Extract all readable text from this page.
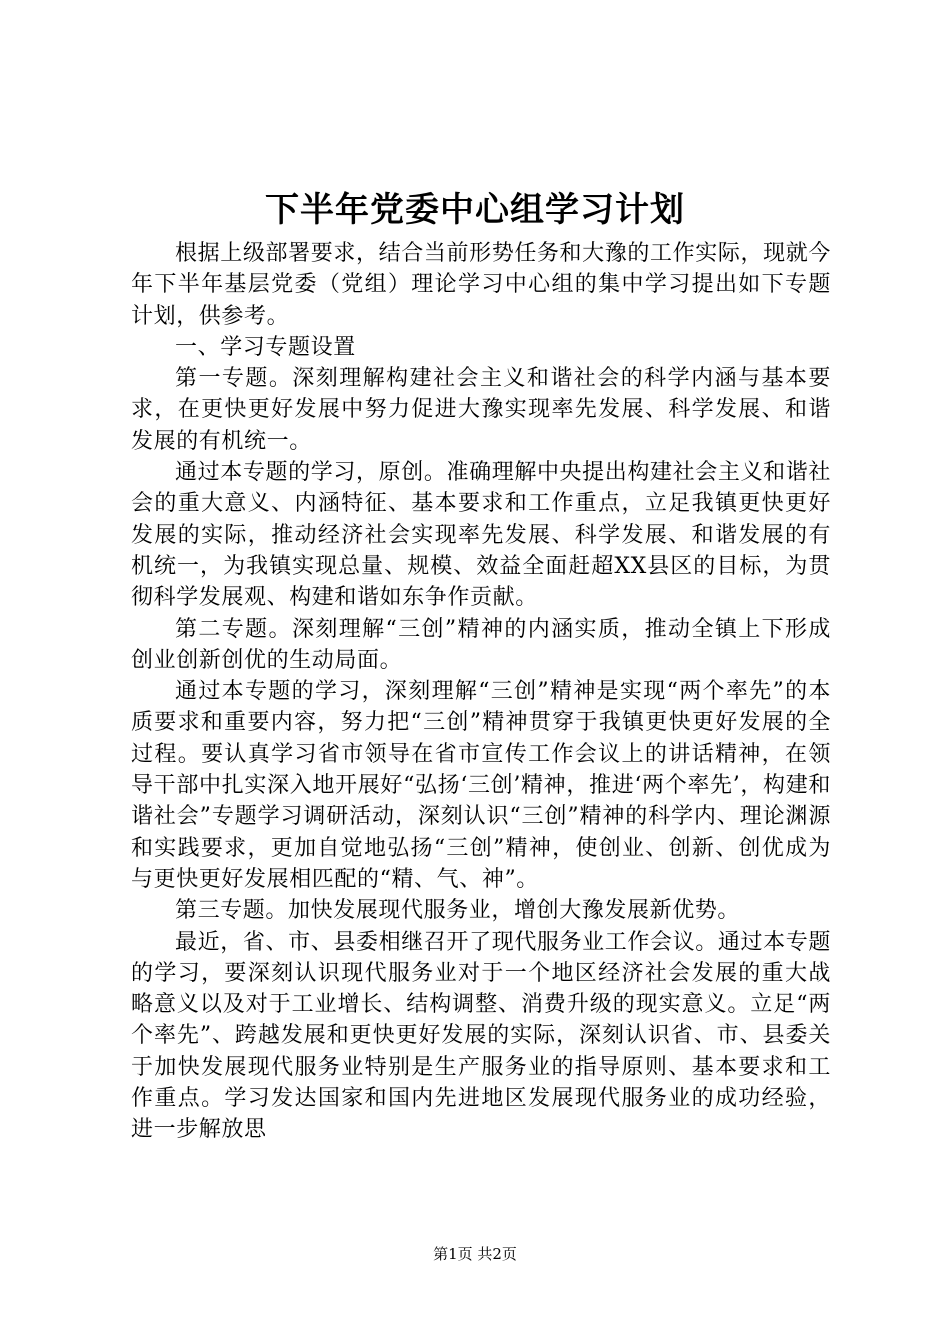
下半年党委中心组学习计划

根据上级部署要求，结合当前形势任务和大豫的工作实际，现就今年下半年基层党委（党组）理论学习中心组的集中学习提出如下专题计划，供参考。

一、学习专题设置

第一专题。深刻理解构建社会主义和谐社会的科学内涵与基本要求，在更快更好发展中努力促进大豫实现率先发展、科学发展、和谐发展的有机统一。

通过本专题的学习，原创。准确理解中央提出构建社会主义和谐社会的重大意义、内涵特征、基本要求和工作重点，立足我镇更快更好发展的实际，推动经济社会实现率先发展、科学发展、和谐发展的有机统一，为我镇实现总量、规模、效益全面赶超XX县区的目标，为贯彻科学发展观、构建和谐如东争作贡献。

第二专题。深刻理解“三创”精神的内涵实质，推动全镇上下形成创业创新创优的生动局面。

通过本专题的学习，深刻理解“三创”精神是实现“两个率先”的本质要求和重要内容，努力把“三创”精神贯穿于我镇更快更好发展的全过程。要认真学习省市领导在省市宣传工作会议上的讲话精神，在领导干部中扎实深入地开展好“弘扬‘三创’精神，推进‘两个率先’，构建和谐社会”专题学习调研活动，深刻认识“三创”精神的科学内、理论渊源和实践要求，更加自觉地弘扬“三创”精神，使创业、创新、创优成为与更快更好发展相匹配的“精、气、神”。

第三专题。加快发展现代服务业，增创大豫发展新优势。

最近，省、市、县委相继召开了现代服务业工作会议。通过本专题的学习，要深刻认识现代服务业对于一个地区经济社会发展的重大战略意义以及对于工业增长、结构调整、消费升级的现实意义。立足“两个率先”、跨越发展和更快更好发展的实际，深刻认识省、市、县委关于加快发展现代服务业特别是生产服务业的指导原则、基本要求和工作重点。学习发达国家和国内先进地区发展现代服务业的成功经验，进一步解放思

第1页 共2页
